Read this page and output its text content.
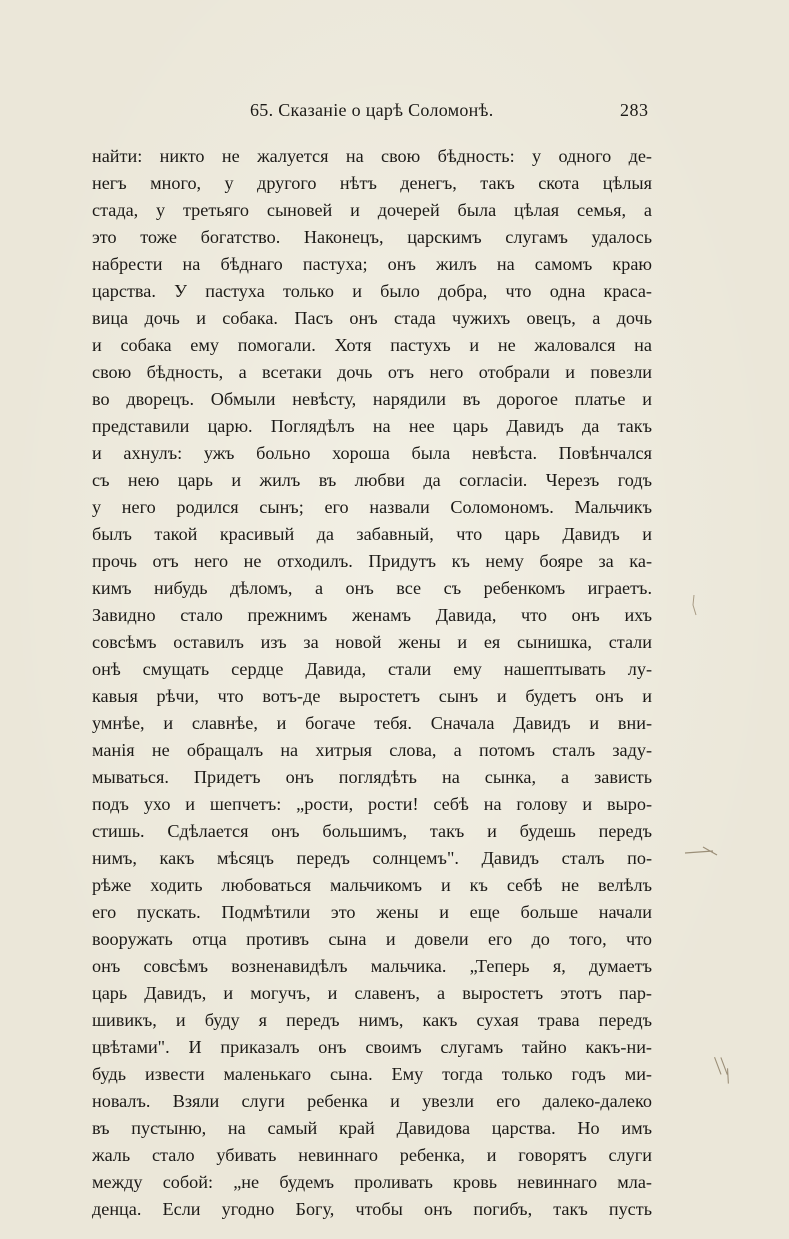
65. Сказаніе о царѣ Соломонѣ.	283
найти: никто не жалуется на свою бѣдность: у одного де-
негъ много, у другого нѣтъ денегъ, такъ скота цѣлыя
стада, у третьяго сыновей и дочерей была цѣлая семья, а
это тоже богатство. Наконецъ, царскимъ слугамъ удалось
набрести на бѣднаго пастуха; онъ жилъ на самомъ краю
царства. У пастуха только и было добра, что одна краса-
вица дочь и собака. Пасъ онъ стада чужихъ овецъ, а дочь
и собака ему помогали. Хотя пастухъ и не жаловался на
свою бѣдность, а всетаки дочь отъ него отобрали и повезли
во дворецъ. Обмыли невѣсту, нарядили въ дорогое платье и
представили царю. Поглядѣлъ на нее царь Давидъ да такъ
и ахнулъ: ужъ больно хороша была невѣста. Повѣнчался
съ нею царь и жилъ въ любви да согласіи. Черезъ годъ
у него родился сынъ; его назвали Соломономъ. Мальчикъ
былъ такой красивый да забавный, что царь Давидъ и
прочь отъ него не отходилъ. Придутъ къ нему бояре за ка-
кимъ нибудь дѣломъ, а онъ все съ ребенкомъ играетъ.
Завидно стало прежнимъ женамъ Давида, что онъ ихъ
совсѣмъ оставилъ изъ за новой жены и ея сынишка, стали
онѣ смущать сердце Давида, стали ему нашептывать лу-
кавыя рѣчи, что вотъ-де выростетъ сынъ и будетъ онъ и
умнѣе, и славнѣе, и богаче тебя. Сначала Давидъ и вни-
манія не обращалъ на хитрыя слова, а потомъ сталъ заду-
мываться. Придетъ онъ поглядѣть на сынка, а зависть
подъ ухо и шепчетъ: „рости, рости! себѣ на голову и выро-
стишь. Сдѣлается онъ большимъ, такъ и будешь передъ
нимъ, какъ мѣсяцъ передъ солнцемъ". Давидъ сталъ по-
рѣже ходить любоваться мальчикомъ и къ себѣ не велѣлъ
его пускать. Подмѣтили это жены и еще больше начали
вооружать отца противъ сына и довели его до того, что
онъ совсѣмъ возненавидѣлъ мальчика. „Теперь я, думаетъ
царь Давидъ, и могучъ, и славенъ, а выростетъ этотъ пар-
шивикъ, и буду я передъ нимъ, какъ сухая трава передъ
цвѣтами". И приказалъ онъ своимъ слугамъ тайно какъ-ни-
будь извести маленькаго сына. Ему тогда только годъ ми-
новалъ. Взяли слуги ребенка и увезли его далеко-далеко
въ пустыню, на самый край Давидова царства. Но имъ
жаль стало убивать невиннаго ребенка, и говорятъ слуги
между собой: „не будемъ проливать кровь невиннаго мла-
денца. Если угодно Богу, чтобы онъ погибъ, такъ пусть
